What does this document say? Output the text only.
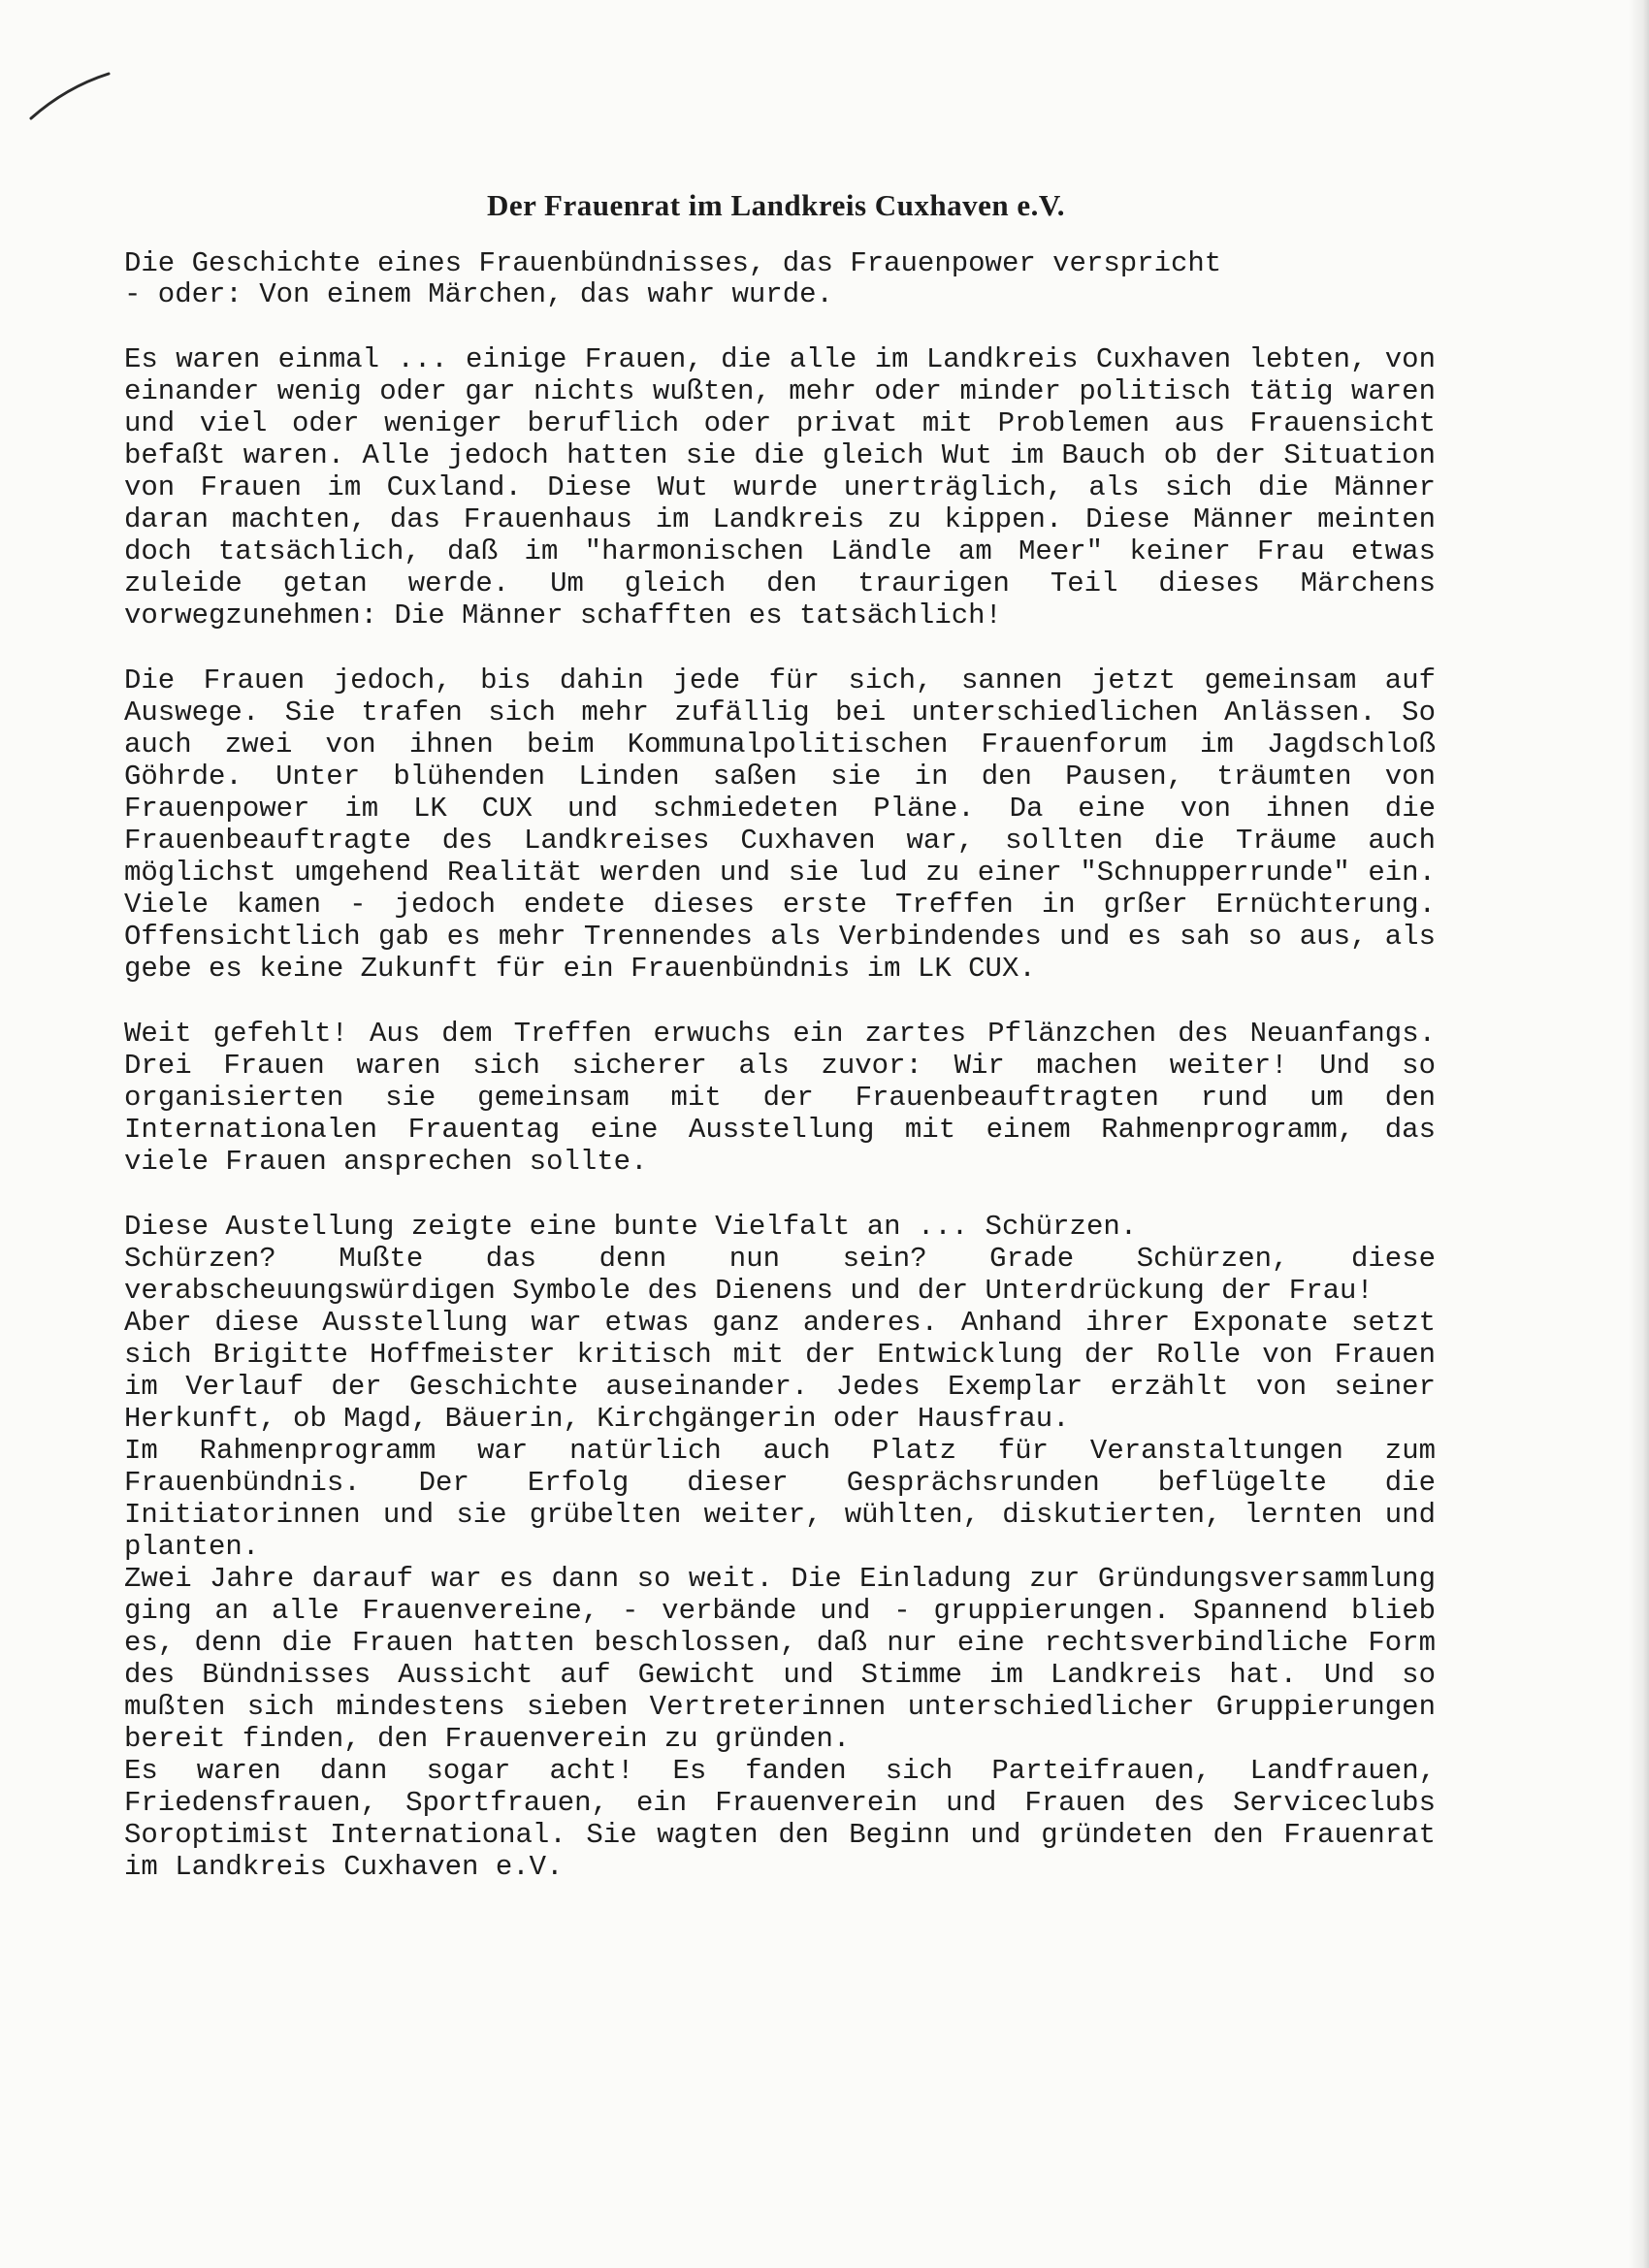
Der Frauenrat im Landkreis Cuxhaven e.V.
Die Geschichte eines Frauenbündnisses, das Frauenpower verspricht
- oder: Von einem Märchen, das wahr wurde.

Es waren einmal ... einige Frauen, die alle im Landkreis Cuxhaven lebten, von einander wenig oder gar nichts wußten, mehr oder minder politisch tätig waren und viel oder weniger beruflich oder privat mit Problemen aus Frauensicht befaßt waren. Alle jedoch hatten sie die gleich Wut im Bauch ob der Situation von Frauen im Cuxland. Diese Wut wurde unerträglich, als sich die Männer daran machten, das Frauenhaus im Landkreis zu kippen. Diese Männer meinten doch tatsächlich, daß im "harmonischen Ländle am Meer" keiner Frau etwas zuleide getan werde. Um gleich den traurigen Teil dieses Märchens vorwegzunehmen: Die Männer schafften es tatsächlich!

Die Frauen jedoch, bis dahin jede für sich, sannen jetzt gemeinsam auf Auswege. Sie trafen sich mehr zufällig bei unterschiedlichen Anlässen. So auch zwei von ihnen beim Kommunalpolitischen Frauenforum im Jagdschloß Göhrde. Unter blühenden Linden saßen sie in den Pausen, träumten von Frauenpower im LK CUX und schmiedeten Pläne. Da eine von ihnen die Frauenbeauftragte des Landkreises Cuxhaven war, sollten die Träume auch möglichst umgehend Realität werden und sie lud zu einer "Schnupperrunde" ein. Viele kamen - jedoch endete dieses erste Treffen in grßer Ernüchterung. Offensichtlich gab es mehr Trennendes als Verbindendes und es sah so aus, als gebe es keine Zukunft für ein Frauenbündnis im LK CUX.

Weit gefehlt! Aus dem Treffen erwuchs ein zartes Pflänzchen des Neuanfangs. Drei Frauen waren sich sicherer als zuvor: Wir machen weiter! Und so organisierten sie gemeinsam mit der Frauenbeauftragten rund um den Internationalen Frauentag eine Ausstellung mit einem Rahmenprogramm, das viele Frauen ansprechen sollte.

Diese Austellung zeigte eine bunte Vielfalt an ... Schürzen.

Schürzen? Mußte das denn nun sein? Grade Schürzen, diese verabscheuungswürdigen Symbole des Dienens und der Unterdrückung der Frau!

Aber diese Ausstellung war etwas ganz anderes. Anhand ihrer Exponate setzt sich Brigitte Hoffmeister kritisch mit der Entwicklung der Rolle von Frauen im Verlauf der Geschichte auseinander. Jedes Exemplar erzählt von seiner Herkunft, ob Magd, Bäuerin, Kirchgängerin oder Hausfrau.

Im Rahmenprogramm war natürlich auch Platz für Veranstaltungen zum Frauenbündnis. Der Erfolg dieser Gesprächsrunden beflügelte die Initiatorinnen und sie grübelten weiter, wühlten, diskutierten, lernten und planten.

Zwei Jahre darauf war es dann so weit. Die Einladung zur Gründungsversammlung ging an alle Frauenvereine, - verbände und - gruppierungen. Spannend blieb es, denn die Frauen hatten beschlossen, daß nur eine rechtsverbindliche Form des Bündnisses Aussicht auf Gewicht und Stimme im Landkreis hat. Und so mußten sich mindestens sieben Vertreterinnen unterschiedlicher Gruppierungen bereit finden, den Frauenverein zu gründen.

Es waren dann sogar acht! Es fanden sich Parteifrauen, Landfrauen, Friedensfrauen, Sportfrauen, ein Frauenverein und Frauen des Serviceclubs Soroptimist International. Sie wagten den Beginn und gründeten den Frauenrat im Landkreis Cuxhaven e.V.
